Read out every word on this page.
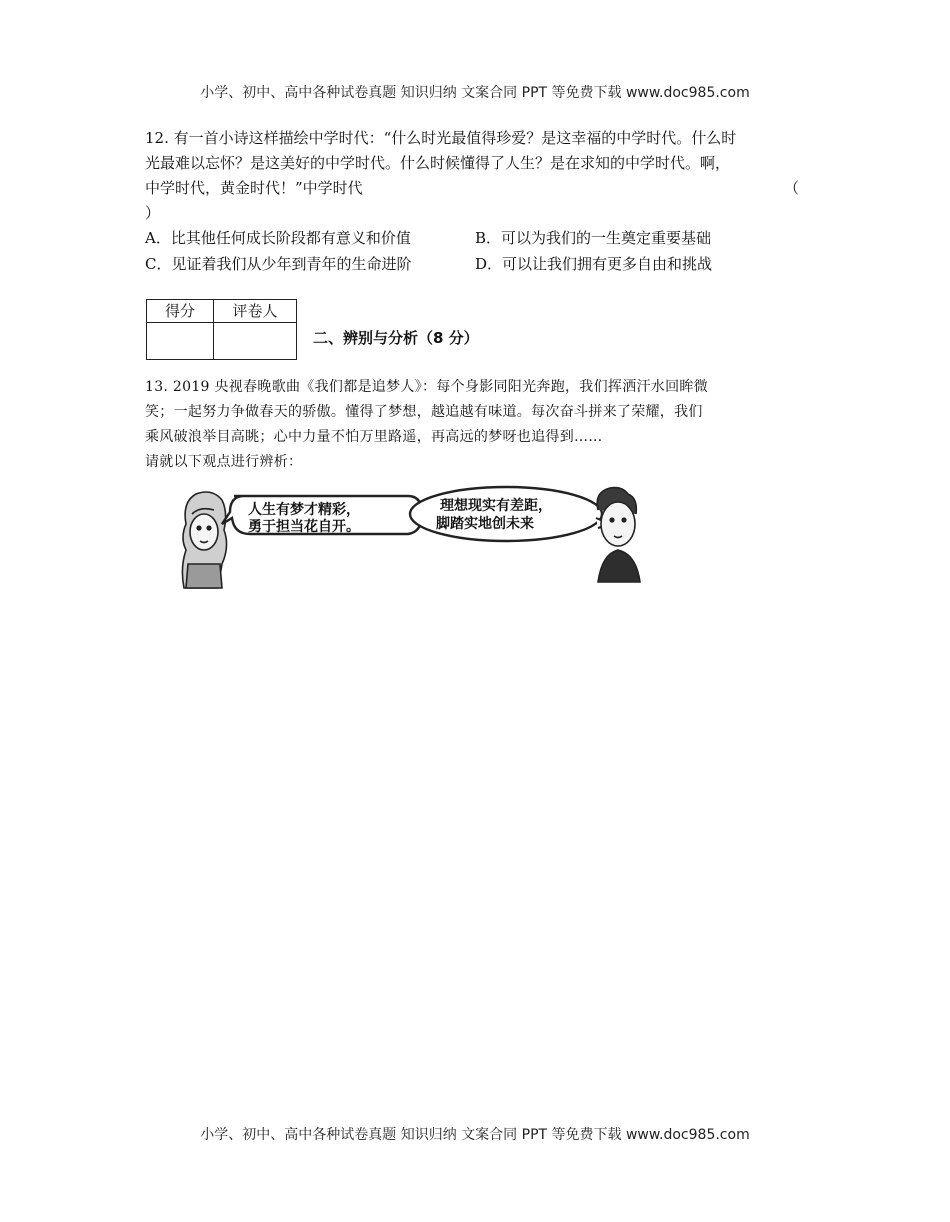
小学、初中、高中各种试卷真题 知识归纳 文案合同 PPT 等免费下载 www.doc985.com
12. 有一首小诗这样描绘中学时代：“什么时光最值得珍爱？是这幸福的中学时代。什么时
光最难以忘怀？是这美好的中学时代。什么时候懂得了人生？是在求知的中学时代。啊，
中学时代，黄金时代！”中学时代	（
）
A．比其他任何成长阶段都有意义和价值	B．可以为我们的一生奠定重要基础
C．见证着我们从少年到青年的生命进阶	D．可以让我们拥有更多自由和挑战
得分	评卷人

二、辨别与分析（8 分）
13. 2019 央视春晚歌曲《我们都是追梦人》：每个身影同阳光奔跑，我们挥洒汗水回眸微
笑；一起努力争做春天的骄傲。懂得了梦想，越追越有味道。每次奋斗拼来了荣耀，我们
乘风破浪举目高眺；心中力量不怕万里路遥，再高远的梦呀也追得到……
请就以下观点进行辨析：
人生有梦才精彩，
勇于担当花自开。
理想现实有差距，
脚踏实地创未来
小学、初中、高中各种试卷真题 知识归纳 文案合同 PPT 等免费下载 www.doc985.com
